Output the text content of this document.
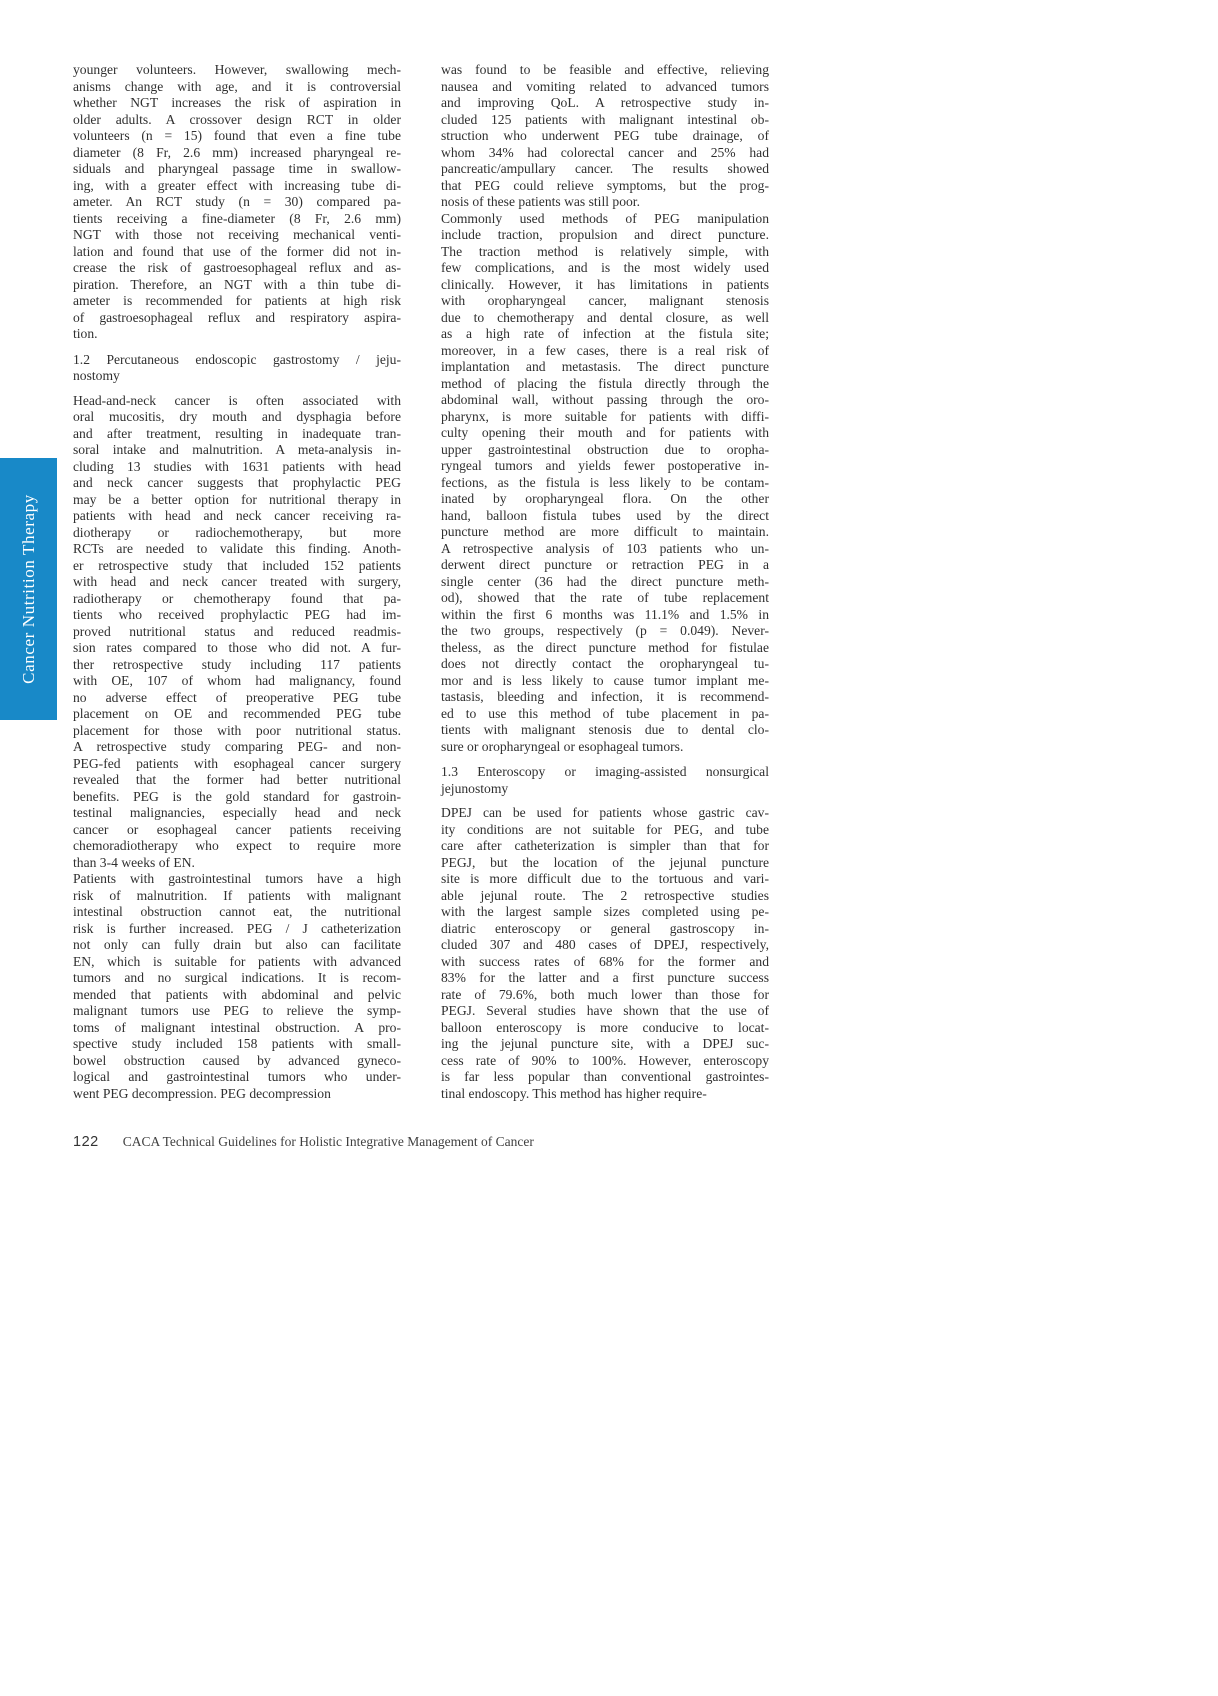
Cancer Nutrition Therapy
younger volunteers. However, swallowing mech-
anisms change with age, and it is controversial
whether NGT increases the risk of aspiration in
older adults. A crossover design RCT in older
volunteers (n = 15) found that even a fine tube
diameter (8 Fr, 2.6 mm) increased pharyngeal re-
siduals and pharyngeal passage time in swallow-
ing, with a greater effect with increasing tube di-
ameter. An RCT study (n = 30) compared pa-
tients receiving a fine-diameter (8 Fr, 2.6 mm)
NGT with those not receiving mechanical venti-
lation and found that use of the former did not in-
crease the risk of gastroesophageal reflux and as-
piration. Therefore, an NGT with a thin tube di-
ameter is recommended for patients at high risk
of gastroesophageal reflux and respiratory aspira-
tion.
1.2 Percutaneous endoscopic gastrostomy / jeju-
nostomy
Head-and-neck cancer is often associated with
oral mucositis, dry mouth and dysphagia before
and after treatment, resulting in inadequate tran-
soral intake and malnutrition. A meta-analysis in-
cluding 13 studies with 1631 patients with head
and neck cancer suggests that prophylactic PEG
may be a better option for nutritional therapy in
patients with head and neck cancer receiving ra-
diotherapy or radiochemotherapy, but more
RCTs are needed to validate this finding. Anoth-
er retrospective study that included 152 patients
with head and neck cancer treated with surgery,
radiotherapy or chemotherapy found that pa-
tients who received prophylactic PEG had im-
proved nutritional status and reduced readmis-
sion rates compared to those who did not. A fur-
ther retrospective study including 117 patients
with OE, 107 of whom had malignancy, found
no adverse effect of preoperative PEG tube
placement on OE and recommended PEG tube
placement for those with poor nutritional status.
A retrospective study comparing PEG- and non-
PEG-fed patients with esophageal cancer surgery
revealed that the former had better nutritional
benefits. PEG is the gold standard for gastroin-
testinal malignancies, especially head and neck
cancer or esophageal cancer patients receiving
chemoradiotherapy who expect to require more
than 3-4 weeks of EN.
Patients with gastrointestinal tumors have a high
risk of malnutrition. If patients with malignant
intestinal obstruction cannot eat, the nutritional
risk is further increased. PEG / J catheterization
not only can fully drain but also can facilitate
EN, which is suitable for patients with advanced
tumors and no surgical indications. It is recom-
mended that patients with abdominal and pelvic
malignant tumors use PEG to relieve the symp-
toms of malignant intestinal obstruction. A pro-
spective study included 158 patients with small-
bowel obstruction caused by advanced gyneco-
logical and gastrointestinal tumors who under-
went PEG decompression. PEG decompression
was found to be feasible and effective, relieving
nausea and vomiting related to advanced tumors
and improving QoL. A retrospective study in-
cluded 125 patients with malignant intestinal ob-
struction who underwent PEG tube drainage, of
whom 34% had colorectal cancer and 25% had
pancreatic/ampullary cancer. The results showed
that PEG could relieve symptoms, but the prog-
nosis of these patients was still poor.
Commonly used methods of PEG manipulation
include traction, propulsion and direct puncture.
The traction method is relatively simple, with
few complications, and is the most widely used
clinically. However, it has limitations in patients
with oropharyngeal cancer, malignant stenosis
due to chemotherapy and dental closure, as well
as a high rate of infection at the fistula site;
moreover, in a few cases, there is a real risk of
implantation and metastasis. The direct puncture
method of placing the fistula directly through the
abdominal wall, without passing through the oro-
pharynx, is more suitable for patients with diffi-
culty opening their mouth and for patients with
upper gastrointestinal obstruction due to oropha-
ryngeal tumors and yields fewer postoperative in-
fections, as the fistula is less likely to be contam-
inated by oropharyngeal flora. On the other
hand, balloon fistula tubes used by the direct
puncture method are more difficult to maintain.
A retrospective analysis of 103 patients who un-
derwent direct puncture or retraction PEG in a
single center (36 had the direct puncture meth-
od), showed that the rate of tube replacement
within the first 6 months was 11.1% and 1.5% in
the two groups, respectively (p = 0.049). Never-
theless, as the direct puncture method for fistulae
does not directly contact the oropharyngeal tu-
mor and is less likely to cause tumor implant me-
tastasis, bleeding and infection, it is recommend-
ed to use this method of tube placement in pa-
tients with malignant stenosis due to dental clo-
sure or oropharyngeal or esophageal tumors.
1.3 Enteroscopy or imaging-assisted nonsurgical
jejunostomy
DPEJ can be used for patients whose gastric cav-
ity conditions are not suitable for PEG, and tube
care after catheterization is simpler than that for
PEGJ, but the location of the jejunal puncture
site is more difficult due to the tortuous and vari-
able jejunal route. The 2 retrospective studies
with the largest sample sizes completed using pe-
diatric enteroscopy or general gastroscopy in-
cluded 307 and 480 cases of DPEJ, respectively,
with success rates of 68% for the former and
83% for the latter and a first puncture success
rate of 79.6%, both much lower than those for
PEGJ. Several studies have shown that the use of
balloon enteroscopy is more conducive to locat-
ing the jejunal puncture site, with a DPEJ suc-
cess rate of 90% to 100%. However, enteroscopy
is far less popular than conventional gastrointes-
tinal endoscopy. This method has higher require-
122 CACA Technical Guidelines for Holistic Integrative Management of Cancer
